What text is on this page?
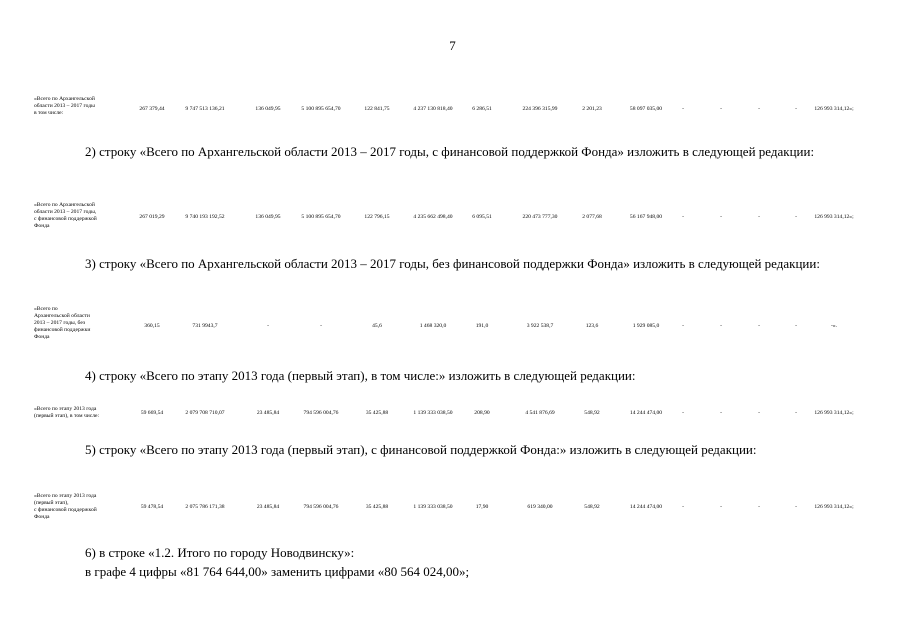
7
«Всего по Архангельской
области 2013 – 2017 годы
в том числе:
267 379,44	9 747 513 136,21	136 049,95	5 100 895 654,70	122 841,75	4 237 130 818,40	6 286,51	224 396 315,99	2 201,23	58 097 035,00	-	-	-	-	126 993 314,12»;

2) строку «Всего по Архангельской области 2013 – 2017 годы, с финансовой поддержкой Фонда» изложить в следующей редакции:

«Всего по Архангельской
области 2013 – 2017 годы,
с финансовой поддержкой
Фонда
267 019,29	9 740 193 192,52	136 049,95	5 100 895 654,70	122 796,15	4 235 662 498,40	6 095,51	220 473 777,30	2 077,68	56 167 948,00	-	-	-	-	126 993 314,12»;

3) строку «Всего по Архангельской области 2013 – 2017 годы, без финансовой поддержки Фонда» изложить в следующей редакции:

«Всего по
Архангельской области
2013 – 2017 годы, без
финансовой поддержки
Фонда
360,15	731 9943,7	-	-	45,6	1 468 320,0	191,0	3 922 538,7	123,6	1 929 085,0	-	-	-	-	-».

4) строку «Всего по этапу 2013 года (первый этап), в том числе:» изложить в следующей редакции:

«Всего по этапу 2013 года
(первый этап), в том числе:	59 669,54	2 079 708 710,07	23 485,84	794 596 004,76	35 425,88	1 139 333 038,50	208,90	4 541 876,69	548,92	14 244 474,00	-	-	-	-	126 993 314,12»;

5) строку «Всего по этапу 2013 года (первый этап), с финансовой поддержкой Фонда:» изложить в следующей редакции:

«Всего по этапу 2013 года
(первый этап),
с финансовой поддержкой
Фонда
59 478,54	2 075 786 171,38	23 485,84	794 596 004,76	35 425,88	1 139 333 038,50	17,90	619 340,00	548,92	14 244 474,00	-	-	-	-	126 993 314,12»;

6) в строке «1.2. Итого по городу Новодвинску»:

в графе 4 цифры «81 764 644,00» заменить цифрами «80 564 024,00»;
